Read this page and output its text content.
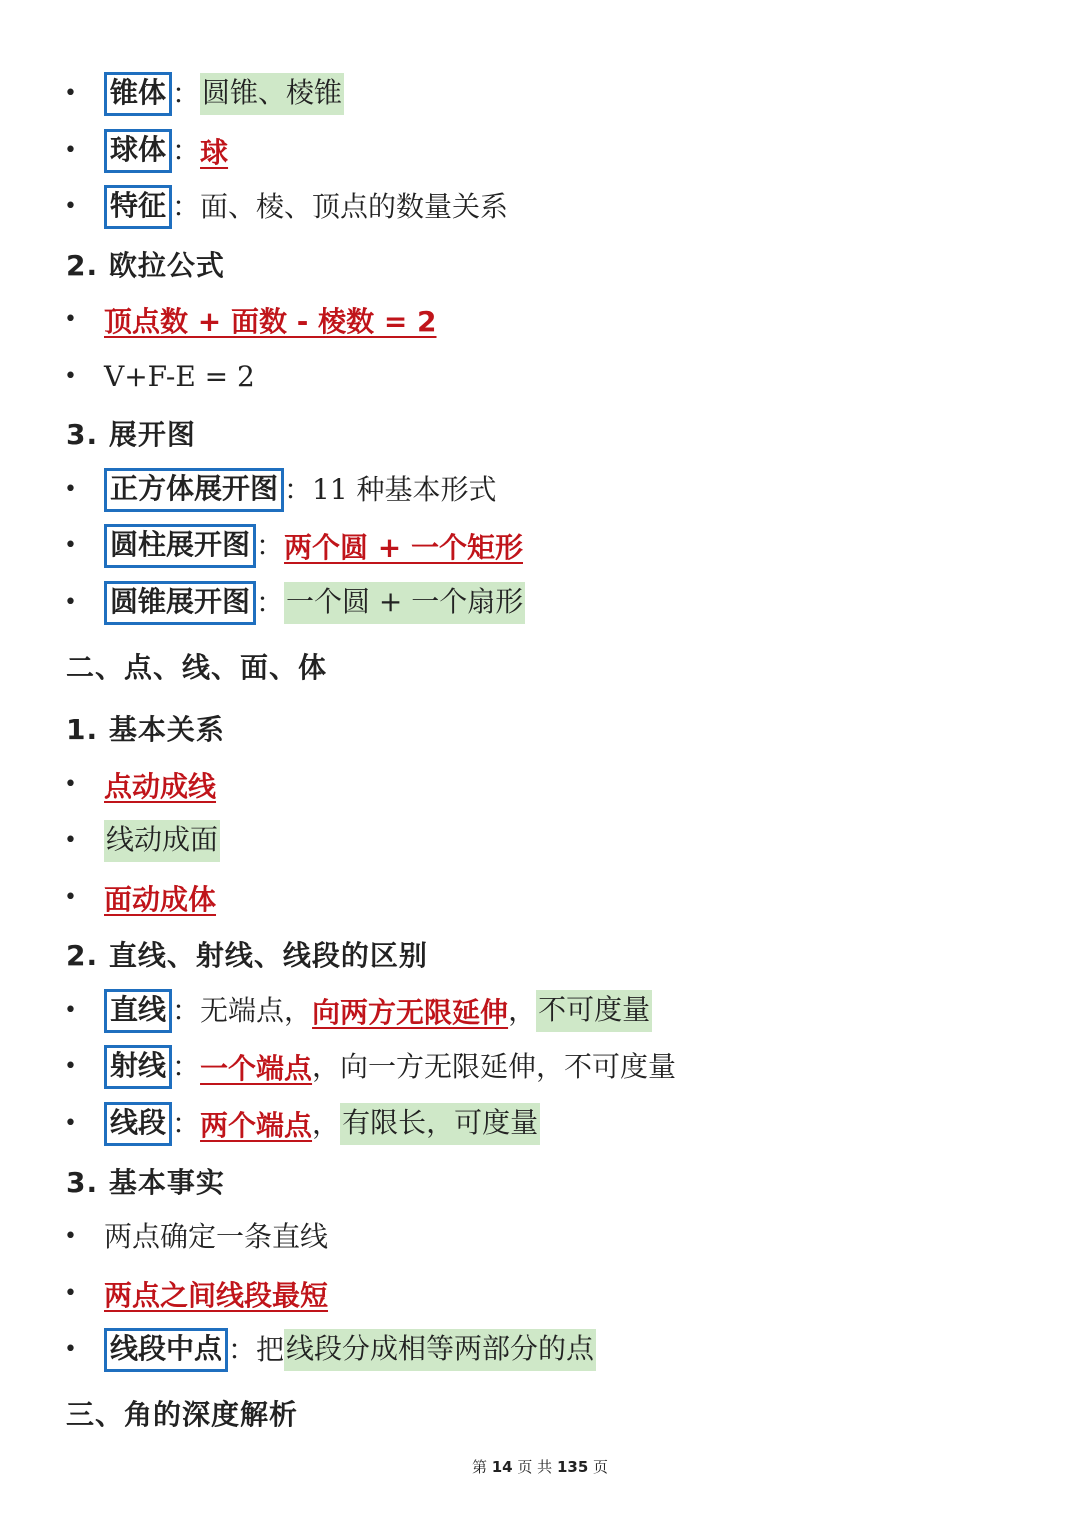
•	锥体 ： 圆锥、棱锥
•	球体 ： 球
•	特征 ： 面、棱、顶点的数量关系
2. 欧拉公式
• 顶点数 + 面数 - 棱数 = 2
• V+F-E = 2
3. 展开图
•	正方体展开图 ： 11 种基本形式
•	圆柱展开图 ： 两个圆 + 一个矩形
•	圆锥展开图 ： 一个圆 + 一个扇形
二、点、线、面、体
1. 基本关系
• 点动成线
•	线动成面
• 面动成体
2. 直线、射线、线段的区别
•	直线 ： 无端点， 向两方无限延伸 ， 不可度量
•	射线 ： 一个端点 ，向一方无限延伸，不可度量
•	线段 ： 两个端点 ， 有限长，可度量
3. 基本事实
• 两点确定一条直线
• 两点之间线段最短
•	线段中点 ： 把 线段分成相等两部分的点
三、角的深度解析
第 14 页 共 135 页
